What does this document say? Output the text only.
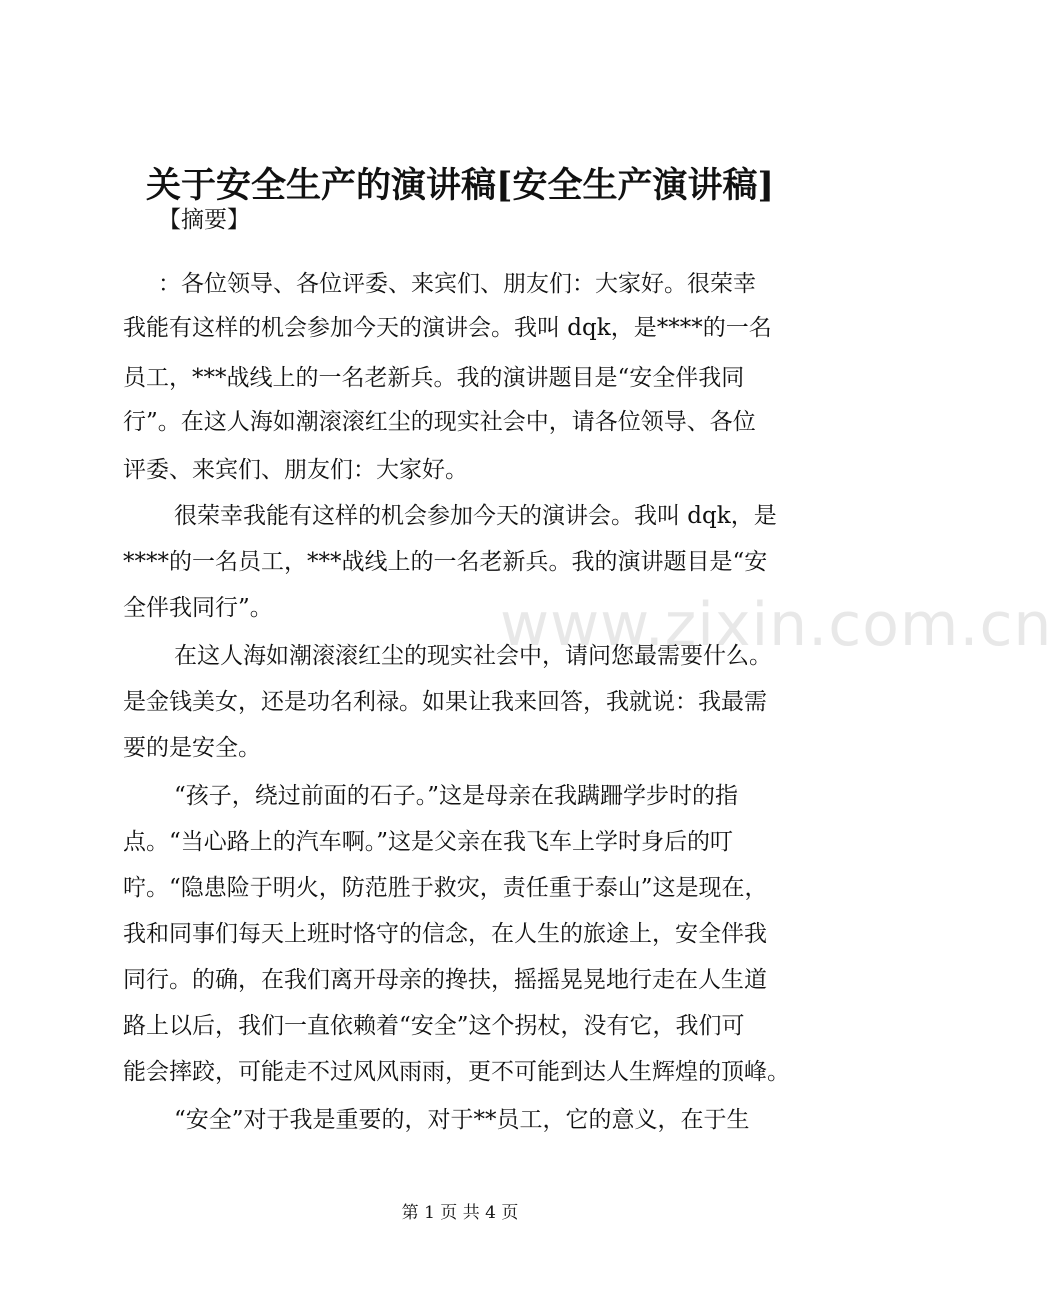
www.zixin.com.cn
关于安全生产的演讲稿[安全生产演讲稿]
【摘要】
：各位领导、各位评委、来宾们、朋友们：大家好。很荣幸
我能有这样的机会参加今天的演讲会。我叫 dqk，是****的一名
员工，***战线上的一名老新兵。我的演讲题目是“安全伴我同
行”。在这人海如潮滚滚红尘的现实社会中，请各位领导、各位
评委、来宾们、朋友们：大家好。
很荣幸我能有这样的机会参加今天的演讲会。我叫 dqk，是
****的一名员工，***战线上的一名老新兵。我的演讲题目是“安
全伴我同行”。
在这人海如潮滚滚红尘的现实社会中，请问您最需要什么。
是金钱美女，还是功名利禄。如果让我来回答，我就说：我最需
要的是安全。
“孩子，绕过前面的石子。”这是母亲在我蹒跚学步时的指
点。“当心路上的汽车啊。”这是父亲在我飞车上学时身后的叮
咛。“隐患险于明火，防范胜于救灾，责任重于泰山”这是现在，
我和同事们每天上班时恪守的信念，在人生的旅途上，安全伴我
同行。的确，在我们离开母亲的搀扶，摇摇晃晃地行走在人生道
路上以后，我们一直依赖着“安全”这个拐杖，没有它，我们可
能会摔跤，可能走不过风风雨雨，更不可能到达人生辉煌的顶峰。
“安全”对于我是重要的，对于**员工，它的意义，在于生
第 1 页 共 4 页
